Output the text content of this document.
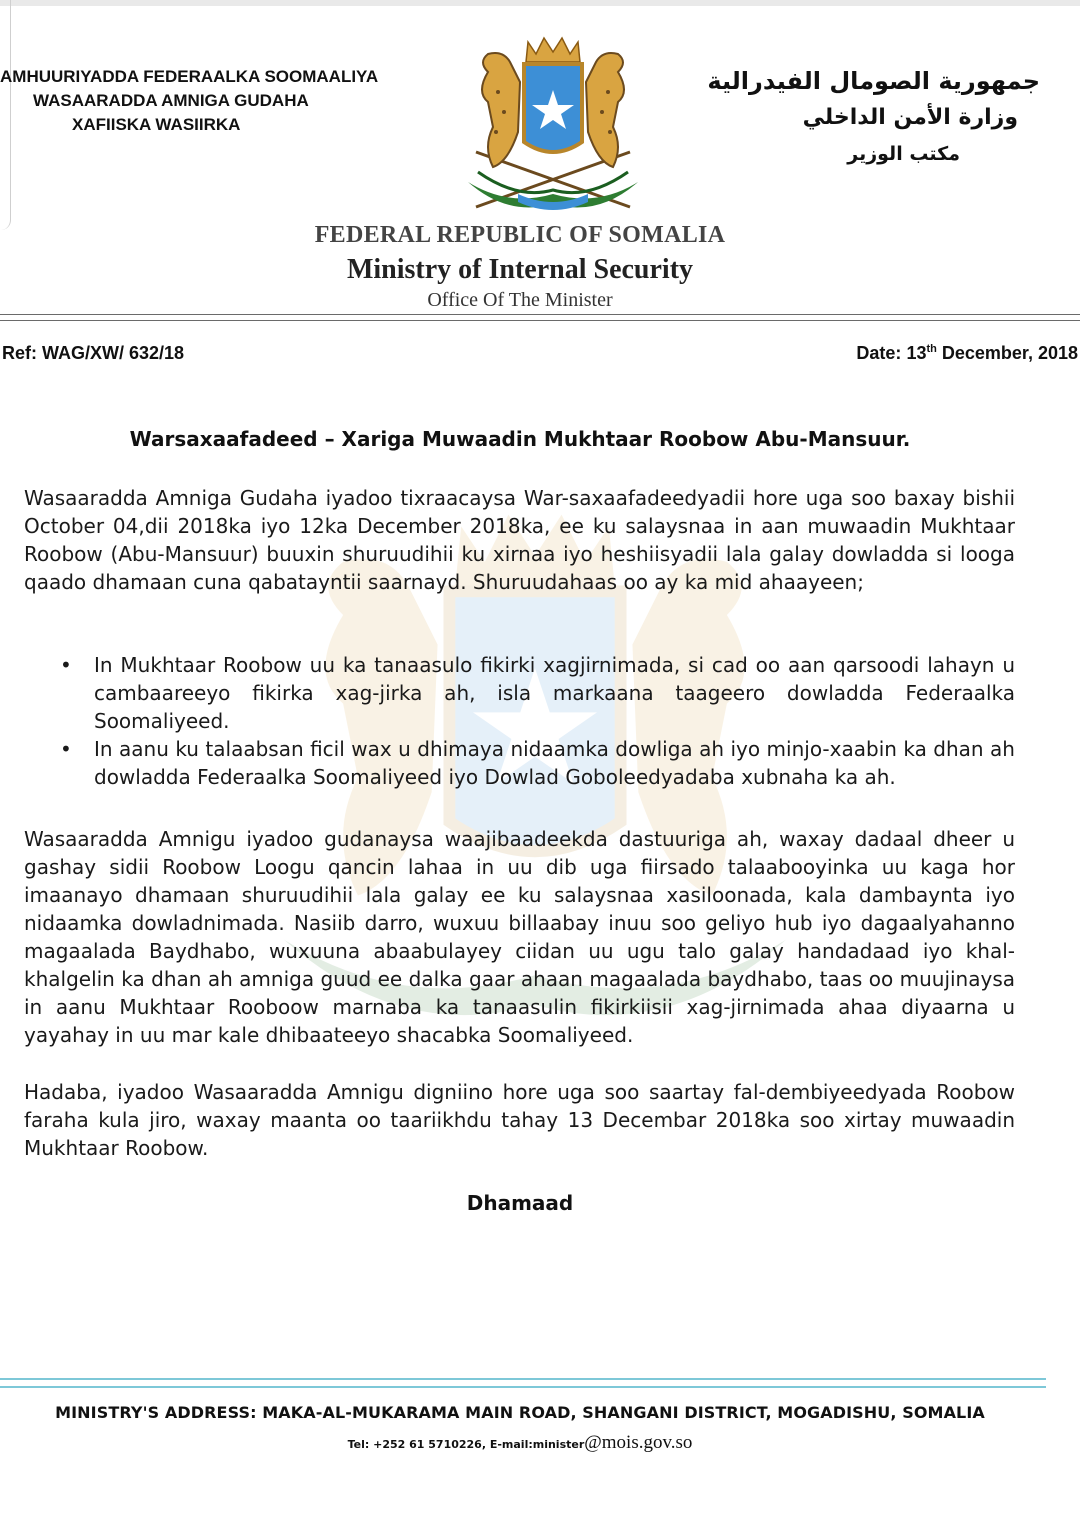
AMHUURIYADDA FEDERAALKA SOOMAALIYA
WASAARADDA AMNIGA GUDAHA
XAFIISKA WASIIRKA
جمهورية الصومال الفيدرالية
وزارة الأمن الداخلي
مكتب الوزير
FEDERAL REPUBLIC OF SOMALIA
Ministry of Internal Security
Office Of The Minister
Ref: WAG/XW/ 632/18	Date: 13th December, 2018
Warsaxaafadeed – Xariga Muwaadin Mukhtaar Roobow Abu-Mansuur.
Wasaaradda Amniga Gudaha iyadoo tixraacaysa War-saxaafadeedyadii hore uga soo baxay bishii October 04,dii 2018ka iyo 12ka December 2018ka, ee ku salaysnaa in aan muwaadin Mukhtaar Roobow (Abu-Mansuur) buuxin shuruudihii ku xirnaa iyo heshiisyadii lala galay dowladda si looga qaado dhamaan cuna qabatayntii saarnayd. Shuruudahaas oo ay ka mid ahaayeen;
• In Mukhtaar Roobow uu ka tanaasulo fikirki xagjirnimada, si cad oo aan qarsoodi lahayn u cambaareeyo fikirka xag-jirka ah, isla markaana taageero dowladda Federaalka Soomaliyeed.
• In aanu ku talaabsan ficil wax u dhimaya nidaamka dowliga ah iyo minjo-xaabin ka dhan ah dowladda Federaalka Soomaliyeed iyo Dowlad Goboleedyadaba xubnaha ka ah.
Wasaaradda Amnigu iyadoo gudanaysa waajibaadeekda dastuuriga ah, waxay dadaal dheer u gashay sidii Roobow Loogu qancin lahaa in uu dib uga fiirsado talaabooyinka uu kaga hor imaanayo dhamaan shuruudihii lala galay ee ku salaysnaa xasiloonada, kala dambaynta iyo nidaamka dowladnimada. Nasiib darro, wuxuu billaabay inuu soo geliyo hub iyo dagaalyahanno magaalada Baydhabo, wuxuuna abaabulayey ciidan uu ugu talo galay handadaad iyo khal-khalgelin ka dhan ah amniga guud ee dalka gaar ahaan magaalada baydhabo, taas oo muujinaysa in aanu Mukhtaar Rooboow marnaba ka tanaasulin fikirkiisii xag-jirnimada ahaa diyaarna u yayahay in uu mar kale dhibaateeyo shacabka Soomaliyeed.
Hadaba, iyadoo Wasaaradda Amnigu digniino hore uga soo saartay fal-dembiyeedyada Roobow faraha kula jiro, waxay maanta oo taariikhdu tahay 13 Decembar 2018ka soo xirtay muwaadin Mukhtaar Roobow.
Dhamaad
MINISTRY'S ADDRESS: MAKA-AL-MUKARAMA MAIN ROAD, SHANGANI DISTRICT, MOGADISHU, SOMALIA
Tel: +252 61 5710226, E-mail:minister@mois.gov.so
